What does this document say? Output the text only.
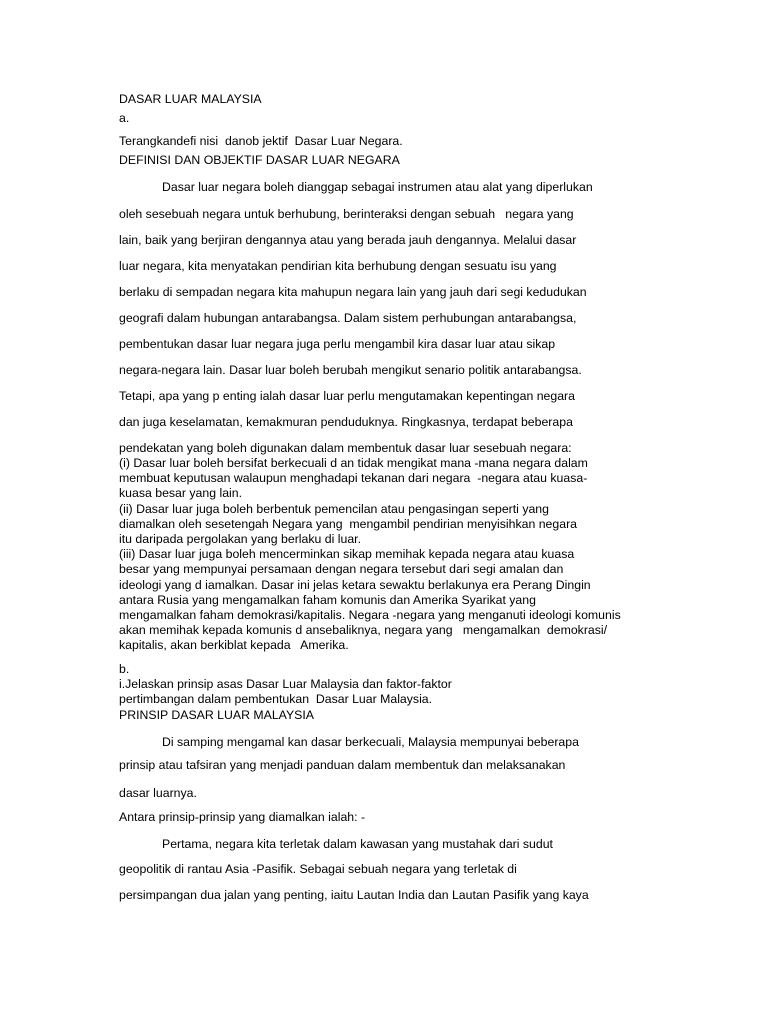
DASAR LUAR MALAYSIA

a.

Terangkandefi nisi  danob jektif  Dasar Luar Negara.

DEFINISI DAN OBJEKTIF DASAR LUAR NEGARA

Dasar luar negara boleh dianggap sebagai instrumen atau alat yang diperlukan

oleh sesebuah negara untuk berhubung, berinteraksi dengan sebuah   negara yang

lain, baik yang berjiran dengannya atau yang berada jauh dengannya. Melalui dasar

luar negara, kita menyatakan pendirian kita berhubung dengan sesuatu isu yang

berlaku di sempadan negara kita mahupun negara lain yang jauh dari segi kedudukan

geografi dalam hubungan antarabangsa. Dalam sistem perhubungan antarabangsa,

pembentukan dasar luar negara juga perlu mengambil kira dasar luar atau sikap

negara-negara lain. Dasar luar boleh berubah mengikut senario politik antarabangsa.

Tetapi, apa yang p enting ialah dasar luar perlu mengutamakan kepentingan negara

dan juga keselamatan, kemakmuran penduduknya. Ringkasnya, terdapat beberapa

pendekatan yang boleh digunakan dalam membentuk dasar luar sesebuah negara:

(i) Dasar luar boleh bersifat berkecuali d an tidak mengikat mana -mana negara dalam

membuat keputusan walaupun menghadapi tekanan dari negara  -negara atau kuasa-

kuasa besar yang lain.

(ii) Dasar luar juga boleh berbentuk pemencilan atau pengasingan seperti yang

diamalkan oleh sesetengah Negara yang  mengambil pendirian menyisihkan negara

itu daripada pergolakan yang berlaku di luar.

(iii) Dasar luar juga boleh mencerminkan sikap memihak kepada negara atau kuasa

besar yang mempunyai persamaan dengan negara tersebut dari segi amalan dan

ideologi yang d iamalkan. Dasar ini jelas ketara sewaktu berlakunya era Perang Dingin

antara Rusia yang mengamalkan faham komunis dan Amerika Syarikat yang

mengamalkan faham demokrasi/kapitalis. Negara -negara yang menganuti ideologi komunis

akan memihak kepada komunis d ansebaliknya, negara yang   mengamalkan  demokrasi/

kapitalis, akan berkiblat kepada   Amerika.

b.

i.Jelaskan prinsip asas Dasar Luar Malaysia dan faktor-faktor

pertimbangan dalam pembentukan  Dasar Luar Malaysia.

PRINSIP DASAR LUAR MALAYSIA

Di samping mengamal kan dasar berkecuali, Malaysia mempunyai beberapa

prinsip atau tafsiran yang menjadi panduan dalam membentuk dan melaksanakan

dasar luarnya.

Antara prinsip-prinsip yang diamalkan ialah: -

Pertama, negara kita terletak dalam kawasan yang mustahak dari sudut

geopolitik di rantau Asia -Pasifik. Sebagai sebuah negara yang terletak di

persimpangan dua jalan yang penting, iaitu Lautan India dan Lautan Pasifik yang kaya
